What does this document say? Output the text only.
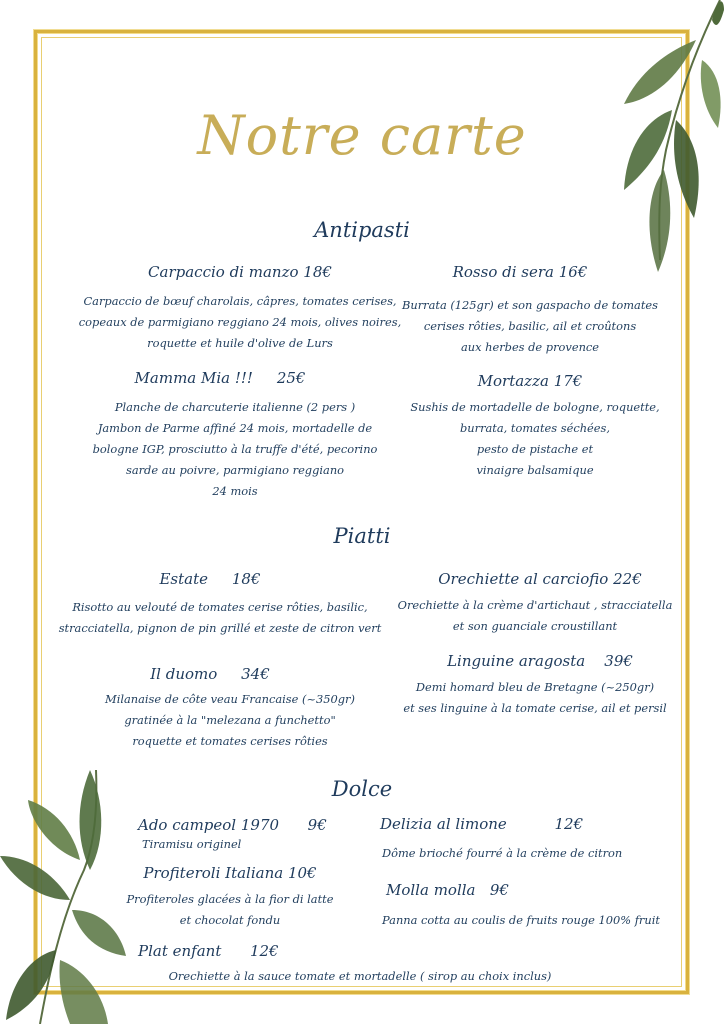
Notre carte
Antipasti
Carpaccio di manzo 18€
Carpaccio de bœuf charolais, câpres, tomates cerises,
copeaux de parmigiano reggiano 24 mois, olives noires,
roquette et huile d'olive de Lurs
Rosso di sera 16€
Burrata (125gr) et son gaspacho de tomates
cerises rôties, basilic, ail et croûtons
aux herbes de provence
Mamma Mia !!! 25€
Planche de charcuterie italienne (2 pers )
Jambon de Parme affiné 24 mois, mortadelle de
bologne IGP, prosciutto à la truffe d'été, pecorino
sarde au poivre, parmigiano reggiano
24 mois
Mortazza 17€
Sushis de mortadelle de bologne, roquette,
burrata, tomates séchées,
pesto de pistache et
vinaigre balsamique
Piatti
Estate 18€
Risotto au velouté de tomates cerise rôties, basilic,
stracciatella, pignon de pin grillé et zeste de citron vert
Orechiette al carciofio 22€
Orechiette à la crème d'artichaut , stracciatella
et son guanciale croustillant
Il duomo 34€
Milanaise de côte veau Francaise (~350gr)
gratinée à la "melezana a funchetto"
roquette et tomates cerises rôties
Linguine aragosta 39€
Demi homard bleu de Bretagne (~250gr)
et ses linguine à la tomate cerise, ail et persil
Dolce
Ado campeol 1970 9€
Tiramisu originel
Delizia al limone	12€
Dôme brioché fourré à la crème de citron
Profiteroli Italiana 10€
Profiteroles glacées à la fior di latte
et chocolat fondu
Molla molla 9€
Panna cotta au coulis de fruits rouge 100% fruit
Plat enfant 12€
Orechiette à la sauce tomate et mortadelle ( sirop au choix inclus)
